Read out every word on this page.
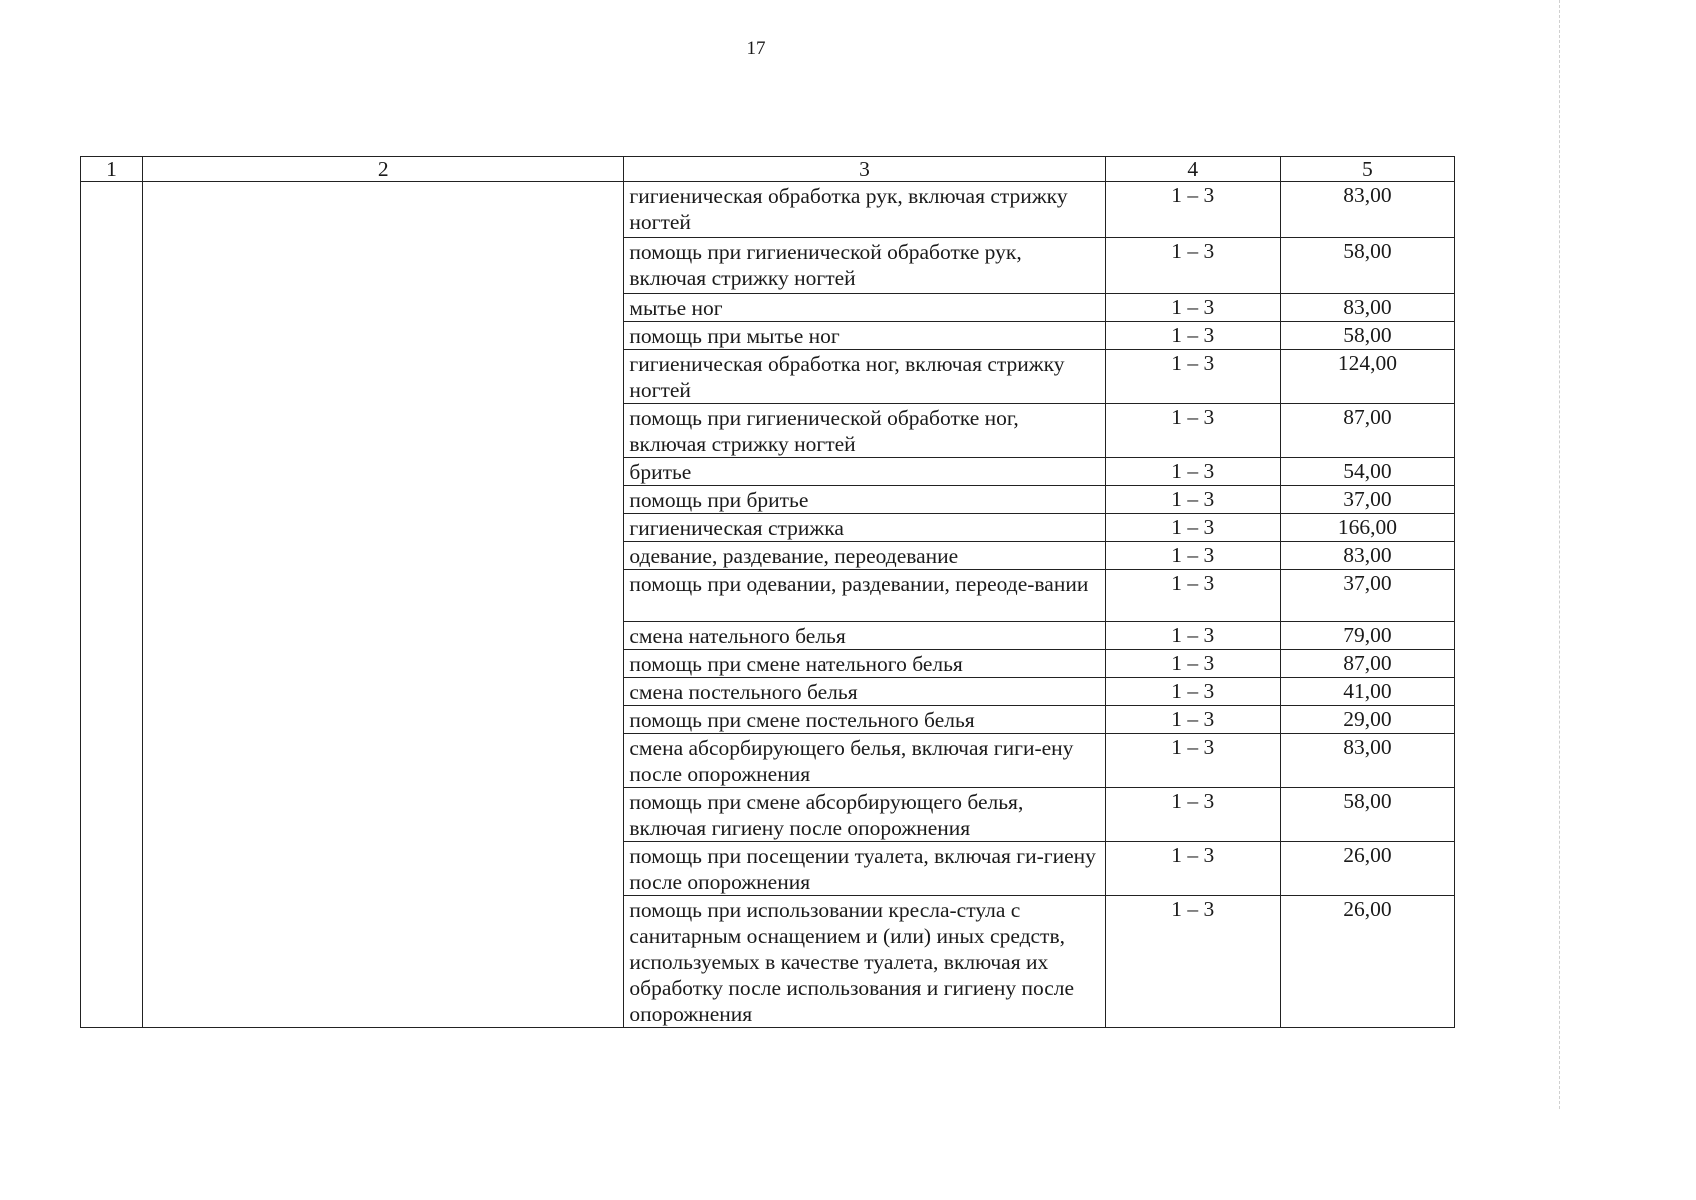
17
1	2	3	4	5
		гигиеническая обработка рук, включая стрижку ногтей	1 – 3	83,00
		помощь при гигиенической обработке рук, включая стрижку ногтей	1 – 3	58,00
		мытье ног	1 – 3	83,00
		помощь при мытье ног	1 – 3	58,00
		гигиеническая обработка ног, включая стрижку ногтей	1 – 3	124,00
		помощь при гигиенической обработке ног, включая стрижку ногтей	1 – 3	87,00
		бритье	1 – 3	54,00
		помощь при бритье	1 – 3	37,00
		гигиеническая стрижка	1 – 3	166,00
		одевание, раздевание, переодевание	1 – 3	83,00
		помощь при одевании, раздевании, переоде-вании	1 – 3	37,00
		смена нательного белья	1 – 3	79,00
		помощь при смене нательного белья	1 – 3	87,00
		смена постельного белья	1 – 3	41,00
		помощь при смене постельного белья	1 – 3	29,00
		смена абсорбирующего белья, включая гиги-ену после опорожнения	1 – 3	83,00
		помощь при смене абсорбирующего белья, включая гигиену после опорожнения	1 – 3	58,00
		помощь при посещении туалета, включая ги-гиену после опорожнения	1 – 3	26,00
		помощь при использовании кресла-стула с санитарным оснащением и (или) иных средств, используемых в качестве туалета, включая их обработку после использования и гигиену после опорожнения	1 – 3	26,00
